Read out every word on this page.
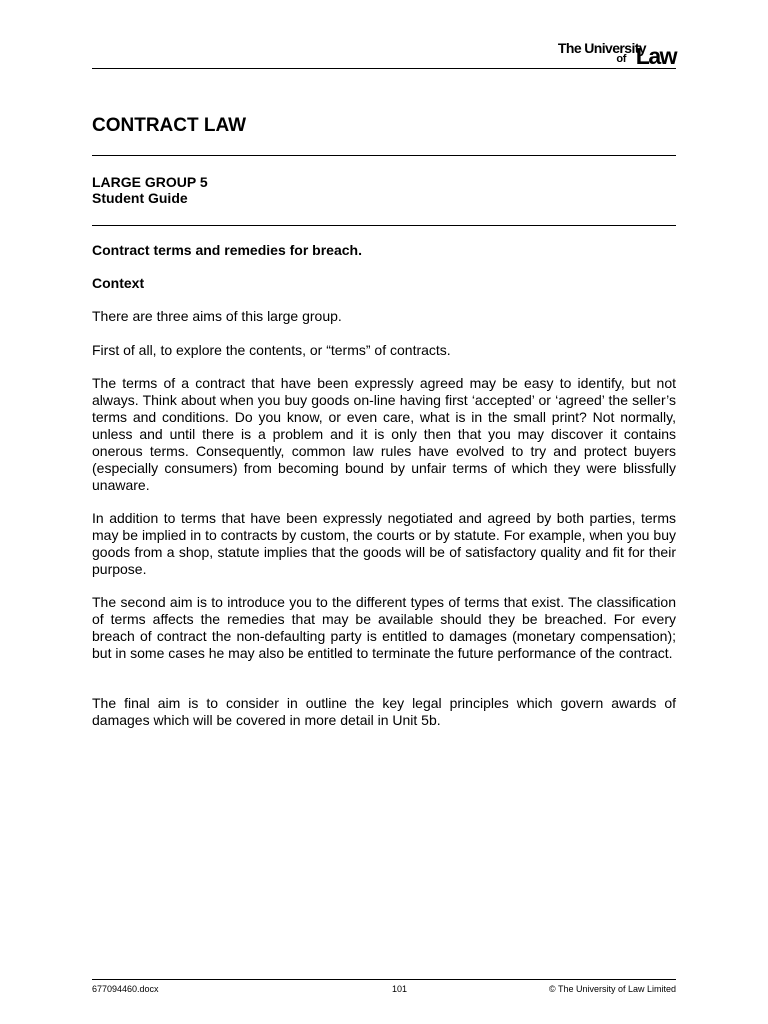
The University
of Law
CONTRACT LAW
LARGE GROUP 5
Student Guide
Contract terms and remedies for breach.
Context
There are three aims of this large group.
First of all, to explore the contents, or “terms” of contracts.
The terms of a contract that have been expressly agreed may be easy to identify, but not always. Think about when you buy goods on-line having first ‘accepted’ or ‘agreed’ the seller’s terms and conditions. Do you know, or even care, what is in the small print? Not normally, unless and until there is a problem and it is only then that you may discover it contains onerous terms. Consequently, common law rules have evolved to try and protect buyers (especially consumers) from becoming bound by unfair terms of which they were blissfully unaware.
In addition to terms that have been expressly negotiated and agreed by both parties, terms may be implied in to contracts by custom, the courts or by statute. For example, when you buy goods from a shop, statute implies that the goods will be of satisfactory quality and fit for their purpose.
The second aim is to introduce you to the different types of terms that exist. The classification of terms affects the remedies that may be available should they be breached. For every breach of contract the non-defaulting party is entitled to damages (monetary compensation); but in some cases he may also be entitled to terminate the future performance of the contract.
The final aim is to consider in outline the key legal principles which govern awards of damages which will be covered in more detail in Unit 5b.
677094460.docx	101	© The University of Law Limited
